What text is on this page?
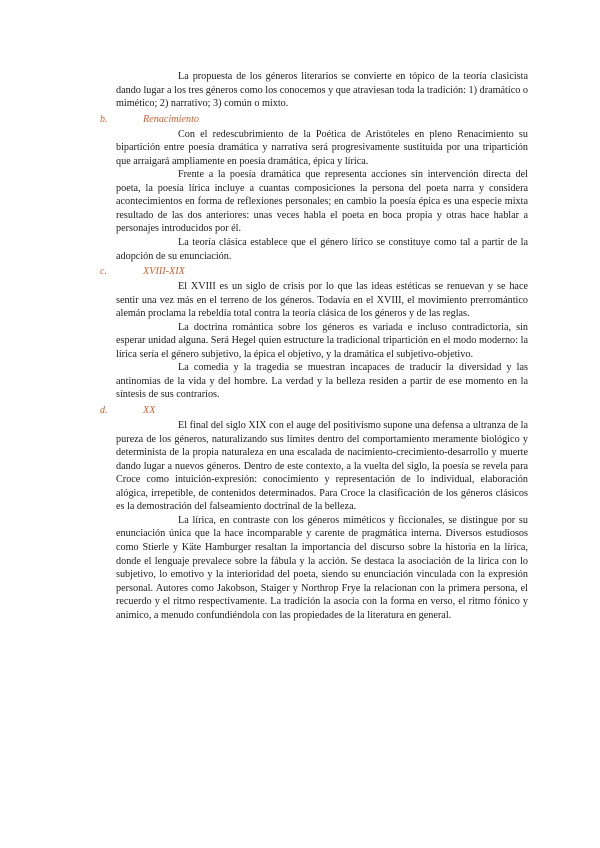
La propuesta de los géneros literarios se convierte en tópico de la teoría clasicista dando lugar a los tres géneros como los conocemos y que atraviesan toda la tradición: 1) dramático o mimético; 2) narrativo; 3) común o mixto.

b.	Renacimiento

Con el redescubrimiento de la Poética de Aristóteles en pleno Renacimiento su bipartición entre poesía dramática y narrativa será progresivamente sustituida por una tripartición que arraigará ampliamente en poesía dramática, épica y lírica.

Frente a la poesía dramática que representa acciones sin intervención directa del poeta, la poesía lírica incluye a cuantas composiciones la persona del poeta narra y considera acontecimientos en forma de reflexiones personales; en cambio la poesía épica es una especie mixta resultado de las dos anteriores: unas veces habla el poeta en boca propia y otras hace hablar a personajes introducidos por él.

La teoría clásica establece que el género lírico se constituye como tal a partir de la adopción de su enunciación.

c.	XVIII-XIX

El XVIII es un siglo de crisis por lo que las ideas estéticas se renuevan y se hace sentir una vez más en el terreno de los géneros. Todavía en el XVIII, el movimiento prerromántico alemán proclama la rebeldía total contra la teoría clásica de los géneros y de las reglas.

La doctrina romántica sobre los géneros es variada e incluso contradictoria, sin esperar unidad alguna. Será Hegel quien estructure la tradicional tripartición en el modo moderno: la lírica sería el género subjetivo, la épica el objetivo, y la dramática el subjetivo-objetivo.

La comedia y la tragedia se muestran incapaces de traducir la diversidad y las antinomias de la vida y del hombre. La verdad y la belleza residen a partir de ese momento en la síntesis de sus contrarios.

d.	XX

El final del siglo XIX con el auge del positivismo supone una defensa a ultranza de la pureza de los géneros, naturalizando sus límites dentro del comportamiento meramente biológico y determinista de la propia naturaleza en una escalada de nacimiento-crecimiento-desarrollo y muerte dando lugar a nuevos géneros. Dentro de este contexto, a la vuelta del siglo, la poesía se revela para Croce como intuición-expresión: conocimiento y representación de lo individual, elaboración alógica, irrepetible, de contenidos determinados. Para Croce la clasificación de los géneros clásicos es la demostración del falseamiento doctrinal de la belleza.

La lírica, en contraste con los géneros miméticos y ficcionales, se distingue por su enunciación única que la hace incomparable y carente de pragmática interna. Diversos estudiosos como Stierle y Käte Hamburger resaltan la importancia del discurso sobre la historia en la lírica, donde el lenguaje prevalece sobre la fábula y la acción. Se destaca la asociación de la lírica con lo subjetivo, lo emotivo y la interioridad del poeta, siendo su enunciación vinculada con la expresión personal. Autores como Jakobson, Staiger y Northrop Frye la relacionan con la primera persona, el recuerdo y el ritmo respectivamente. La tradición la asocia con la forma en verso, el ritmo fónico y anímico, a menudo confundiéndola con las propiedades de la literatura en general.
